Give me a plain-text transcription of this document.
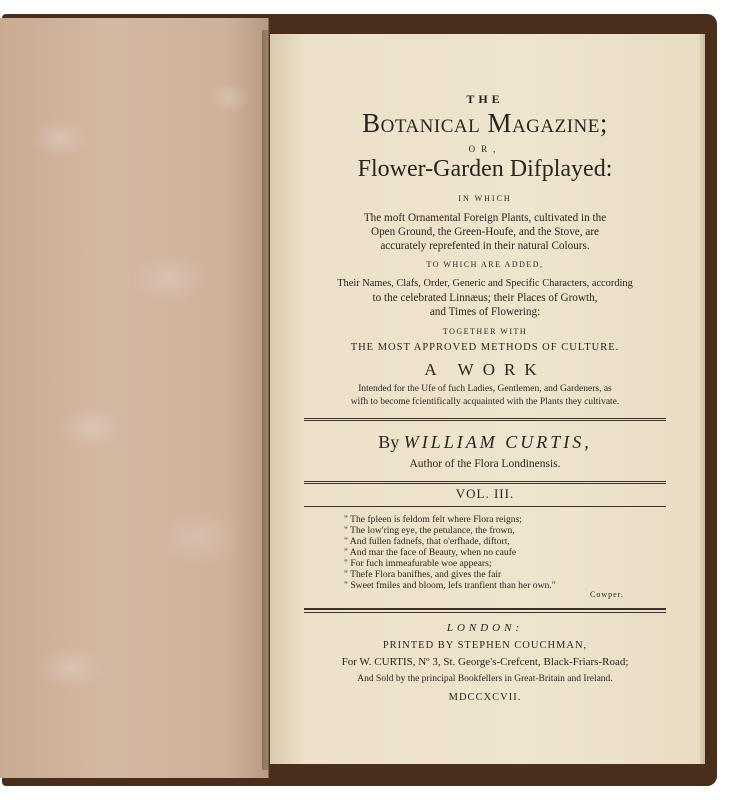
THE
Botanical Magazine;
OR,
Flower-Garden Difplayed:
IN WHICH
The moft Ornamental Foreign Plants, cultivated in the
Open Ground, the Green-Houfe, and the Stove, are
accurately reprefented in their natural Colours.
TO WHICH ARE ADDED,
Their Names, Clafs, Order, Generic and Specific Characters, according
to the celebrated Linnæus; their Places of Growth,
and Times of Flowering:
TOGETHER WITH
THE MOST APPROVED METHODS OF CULTURE.
A WORK
Intended for the Ufe of fuch Ladies, Gentlemen, and Gardeners, as
wifh to become fcientifically acquainted with the Plants they cultivate.
By WILLIAM CURTIS,
Author of the Flora Londinensis.
VOL. III.
" The fpleen is feldom felt where Flora reigns;
" The low'ring eye, the petulance, the frown,
" And fullen fadnefs, that o'erfhade, diftort,
" And mar the face of Beauty, when no caufe
" For fuch immeafurable woe appears;
" Thefe Flora banifhes, and gives the fair
" Sweet fmiles and bloom, lefs tranfient than her own."
Cowper.
LONDON:
PRINTED BY STEPHEN COUCHMAN,
For W. CURTIS, Nº 3, St. George's-Crefcent, Black-Friars-Road;
And Sold by the principal Bookfellers in Great-Britain and Ireland.
MDCCXCVII.
